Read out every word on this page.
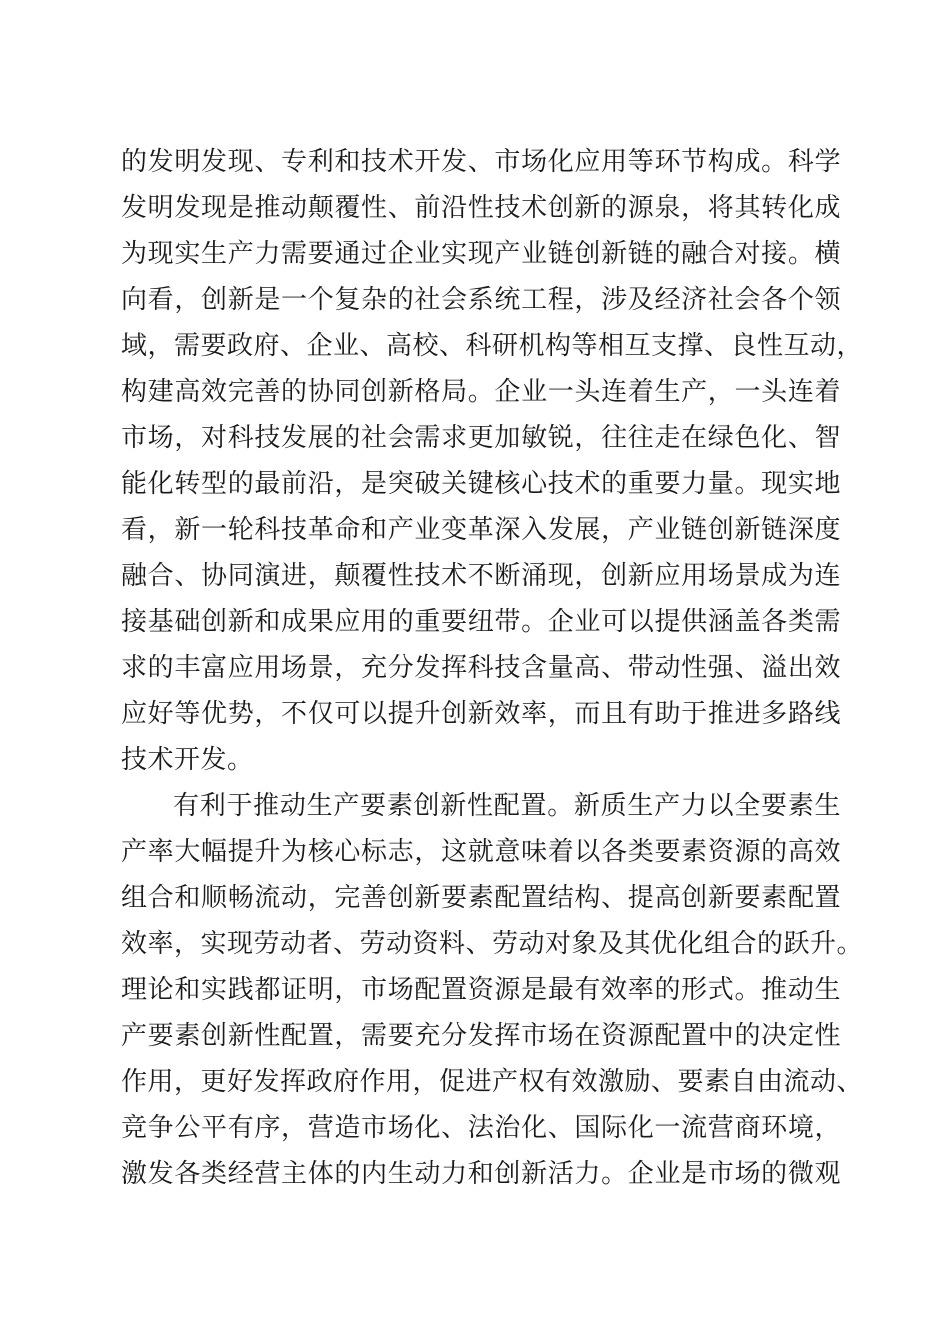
的发明发现、专利和技术开发、市场化应用等环节构成。科学
发明发现是推动颠覆性、前沿性技术创新的源泉，将其转化成
为现实生产力需要通过企业实现产业链创新链的融合对接。横
向看，创新是一个复杂的社会系统工程，涉及经济社会各个领
域，需要政府、企业、高校、科研机构等相互支撑、良性互动，
构建高效完善的协同创新格局。企业一头连着生产，一头连着
市场，对科技发展的社会需求更加敏锐，往往走在绿色化、智
能化转型的最前沿，是突破关键核心技术的重要力量。现实地
看，新一轮科技革命和产业变革深入发展，产业链创新链深度
融合、协同演进，颠覆性技术不断涌现，创新应用场景成为连
接基础创新和成果应用的重要纽带。企业可以提供涵盖各类需
求的丰富应用场景，充分发挥科技含量高、带动性强、溢出效
应好等优势，不仅可以提升创新效率，而且有助于推进多路线
技术开发。
有利于推动生产要素创新性配置。新质生产力以全要素生
产率大幅提升为核心标志，这就意味着以各类要素资源的高效
组合和顺畅流动，完善创新要素配置结构、提高创新要素配置
效率，实现劳动者、劳动资料、劳动对象及其优化组合的跃升。
理论和实践都证明，市场配置资源是最有效率的形式。推动生
产要素创新性配置，需要充分发挥市场在资源配置中的决定性
作用，更好发挥政府作用，促进产权有效激励、要素自由流动、
竞争公平有序，营造市场化、法治化、国际化一流营商环境，
激发各类经营主体的内生动力和创新活力。企业是市场的微观
